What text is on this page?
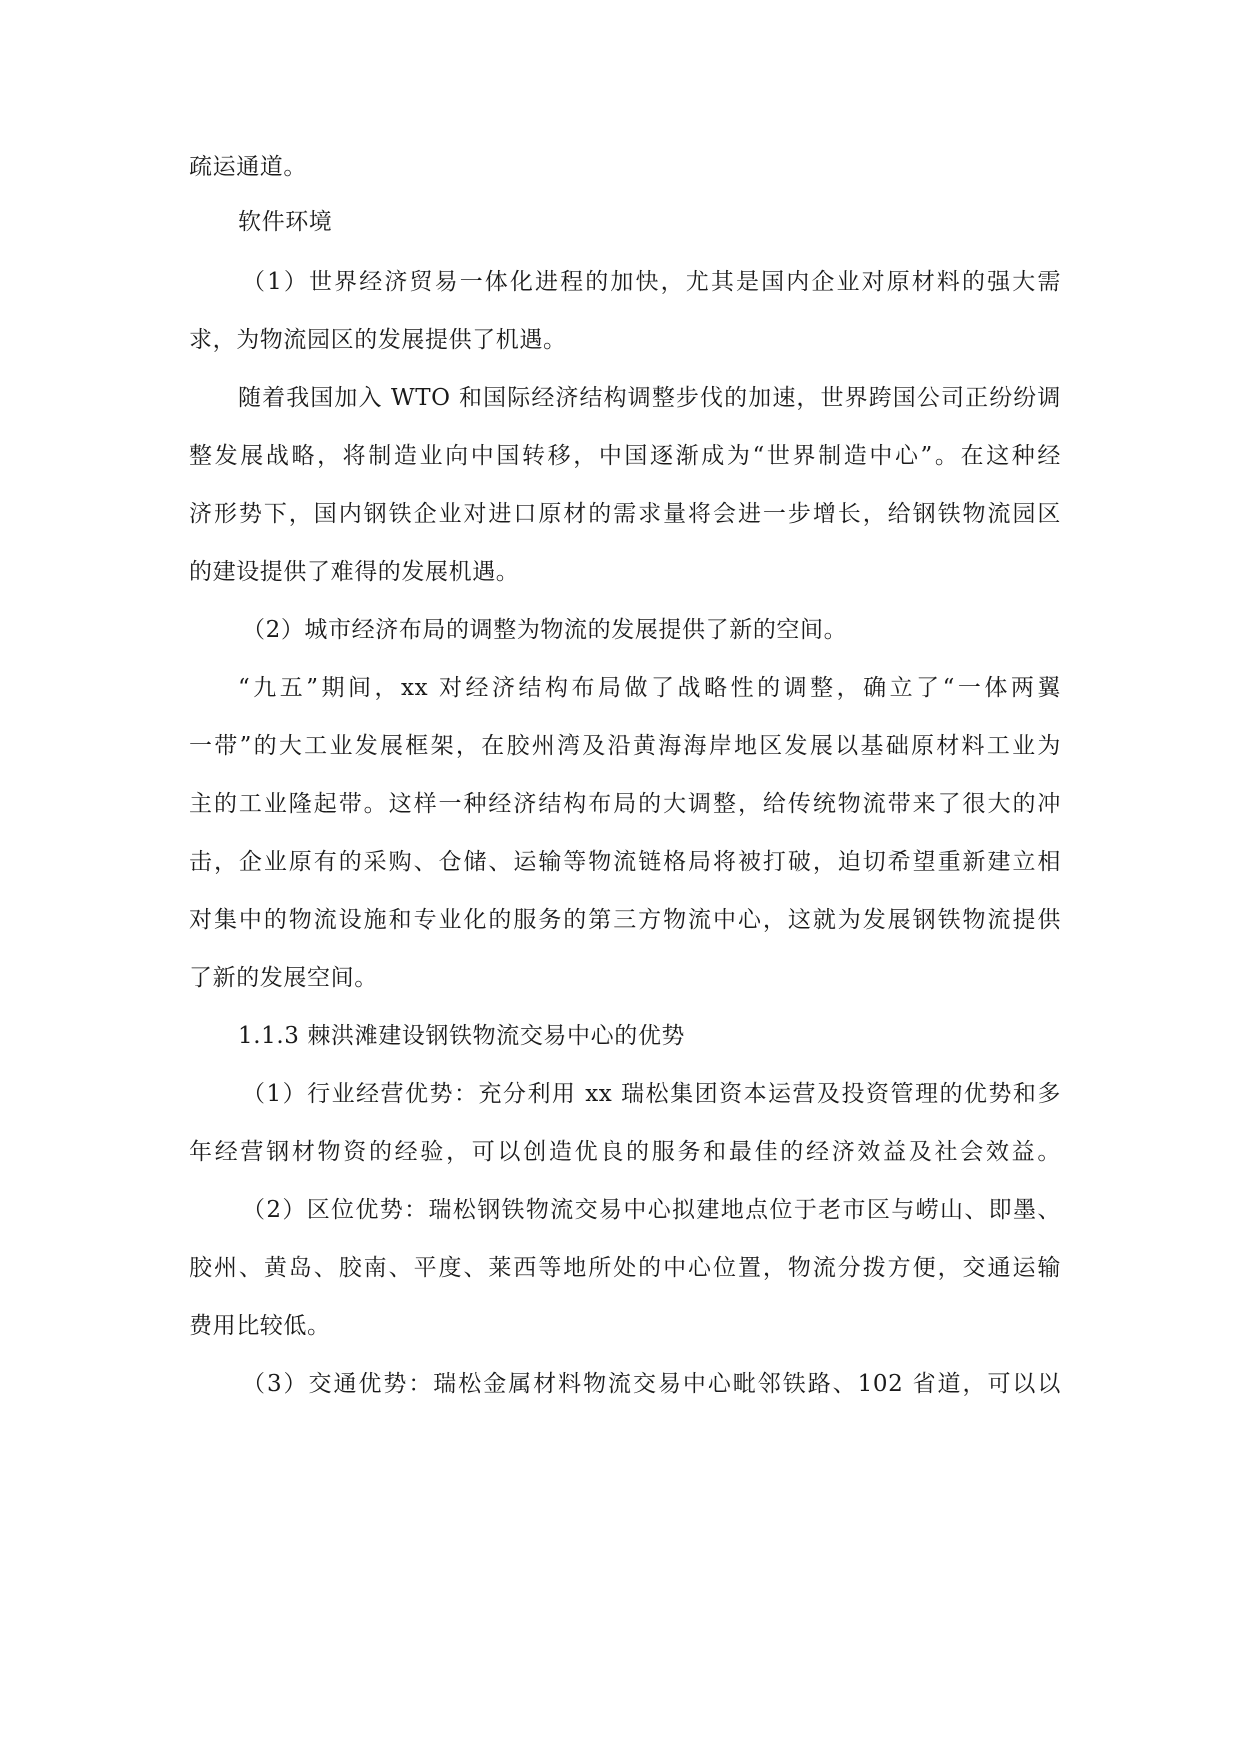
疏运通道。
软件环境
（1）世界经济贸易一体化进程的加快，尤其是国内企业对原材料的强大需
求，为物流园区的发展提供了机遇。
随着我国加入 WTO 和国际经济结构调整步伐的加速，世界跨国公司正纷纷调
整发展战略，将制造业向中国转移，中国逐渐成为“世界制造中心”。在这种经
济形势下，国内钢铁企业对进口原材的需求量将会进一步增长，给钢铁物流园区
的建设提供了难得的发展机遇。
（2）城市经济布局的调整为物流的发展提供了新的空间。
“九五”期间，xx 对经济结构布局做了战略性的调整，确立了“一体两翼
一带”的大工业发展框架，在胶州湾及沿黄海海岸地区发展以基础原材料工业为
主的工业隆起带。这样一种经济结构布局的大调整，给传统物流带来了很大的冲
击，企业原有的采购、仓储、运输等物流链格局将被打破，迫切希望重新建立相
对集中的物流设施和专业化的服务的第三方物流中心，这就为发展钢铁物流提供
了新的发展空间。
1.1.3 棘洪滩建设钢铁物流交易中心的优势
（1）行业经营优势：充分利用 xx 瑞松集团资本运营及投资管理的优势和多
年经营钢材物资的经验，可以创造优良的服务和最佳的经济效益及社会效益。
（2）区位优势：瑞松钢铁物流交易中心拟建地点位于老市区与崂山、即墨、
胶州、黄岛、胶南、平度、莱西等地所处的中心位置，物流分拨方便，交通运输
费用比较低。
（3）交通优势：瑞松金属材料物流交易中心毗邻铁路、102 省道，可以以
